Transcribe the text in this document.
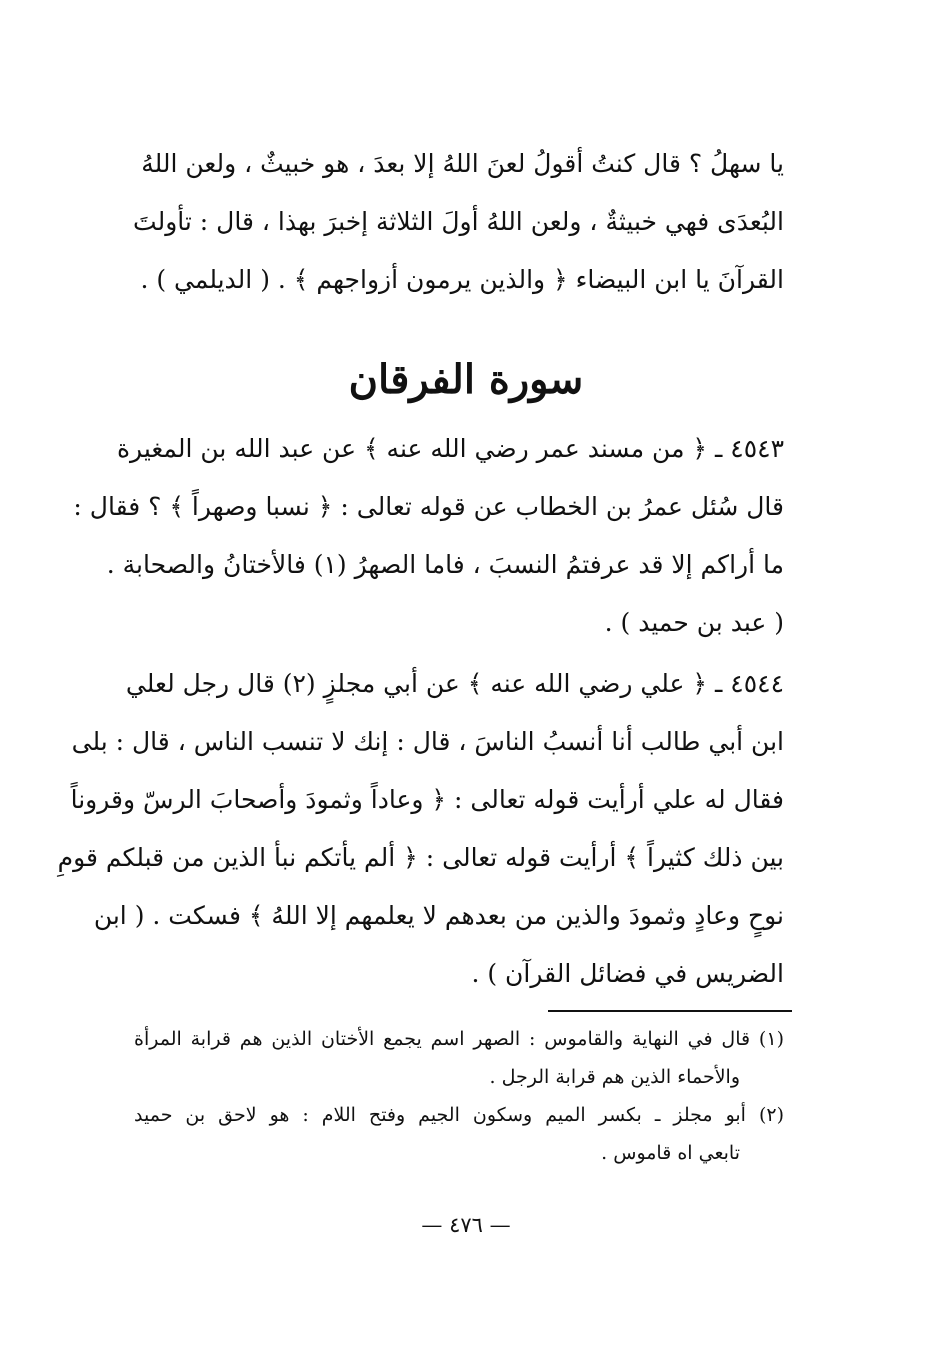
يا سهلُ ؟ قال كنتُ أقولُ لعنَ اللهُ إلا بعدَ ، هو خبيثٌ ، ولعن اللهُ
البُعدَى فهي خبيثةٌ ، ولعن اللهُ أولَ الثلاثة إخبرَ بهذا ، قال : تأولتَ
القرآنَ يا ابن البيضاء ﴿ والذين يرمون أزواجهم ﴾ . ( الديلمي ) .
سورة الفرقان
٤٥٤٣ ـ ﴿ من مسند عمر رضي الله عنه ﴾ عن عبد الله بن المغيرة
قال سُئل عمرُ بن الخطاب عن قوله تعالى : ﴿ نسبا وصهراً ﴾ ؟ فقال :
ما أراكم إلا قد عرفتمُ النسبَ ، فاما الصهرُ (١) فالأختانُ والصحابة .
( عبد بن حميد ) .
٤٥٤٤ ـ ﴿ علي رضي الله عنه ﴾ عن أبي مجلزٍ (٢) قال رجل لعلي
ابن أبي طالب أنا أنسبُ الناسَ ، قال : إنك لا تنسب الناس ، قال : بلى
فقال له علي أرأيت قوله تعالى : ﴿ وعاداً وثمودَ وأصحابَ الرسّ وقروناً
بين ذلك كثيراً ﴾ أرأيت قوله تعالى : ﴿ ألم يأتكم نبأ الذين من قبلكم قومِ
نوحٍ وعادٍ وثمودَ والذين من بعدهم لا يعلمهم إلا اللهُ ﴾ فسكت . ( ابن
الضريس في فضائل القرآن ) .
(١) قال في النهاية والقاموس : الصهر اسم يجمع الأختان الذين هم قرابة المرأة
والأحماء الذين هم قرابة الرجل .
(٢) أبو مجلز ـ بكسر الميم وسكون الجيم وفتح اللام : هو لاحق بن حميد
تابعي اه قاموس .
— ٤٧٦ —
